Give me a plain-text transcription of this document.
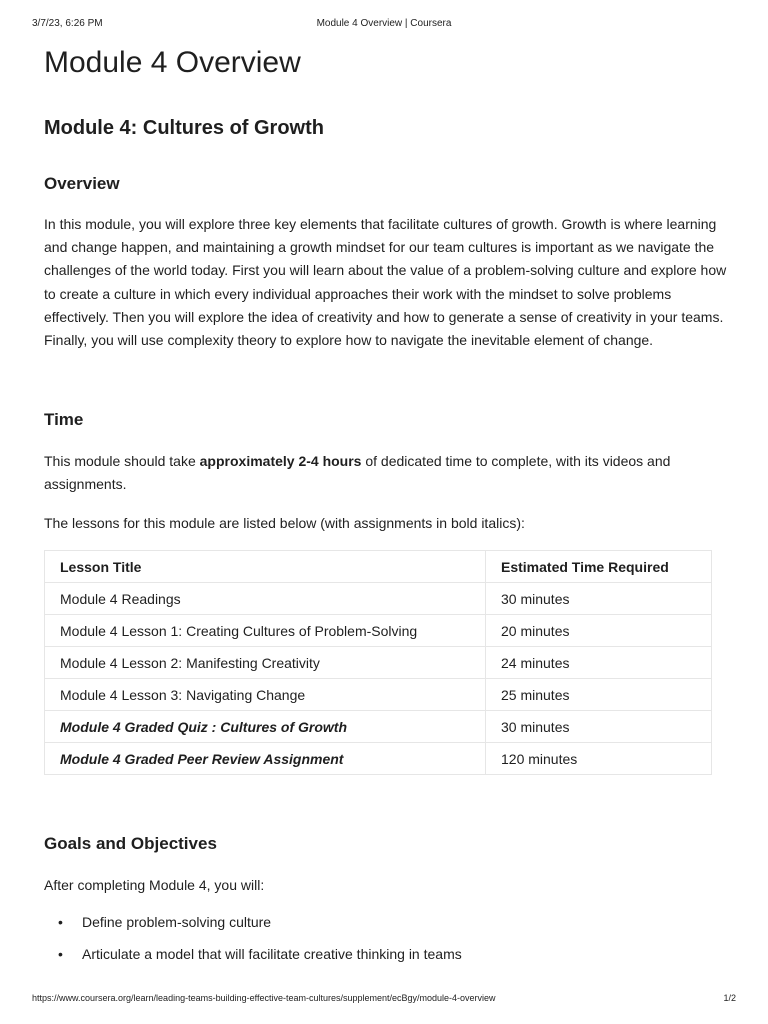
3/7/23, 6:26 PM	Module 4 Overview | Coursera
Module 4 Overview
Module 4: Cultures of Growth
Overview

In this module, you will explore three key elements that facilitate cultures of growth. Growth is where learning and change happen, and maintaining a growth mindset for our team cultures is important as we navigate the challenges of the world today. First you will learn about the value of a problem-solving culture and explore how to create a culture in which every individual approaches their work with the mindset to solve problems effectively. Then you will explore the idea of creativity and how to generate a sense of creativity in your teams. Finally, you will use complexity theory to explore how to navigate the inevitable element of change.

Time

This module should take approximately 2-4 hours of dedicated time to complete, with its videos and assignments.

The lessons for this module are listed below (with assignments in bold italics):

Lesson Title	Estimated Time Required
Module 4 Readings	30 minutes
Module 4 Lesson 1: Creating Cultures of Problem-Solving	20 minutes
Module 4 Lesson 2: Manifesting Creativity	24 minutes
Module 4 Lesson 3: Navigating Change	25 minutes
Module 4 Graded Quiz : Cultures of Growth	30 minutes
Module 4 Graded Peer Review Assignment	120 minutes
Goals and Objectives

After completing Module 4, you will:

• Define problem-solving culture
• Articulate a model that will facilitate creative thinking in teams
https://www.coursera.org/learn/leading-teams-building-effective-team-cultures/supplement/ecBgy/module-4-overview	1/2
